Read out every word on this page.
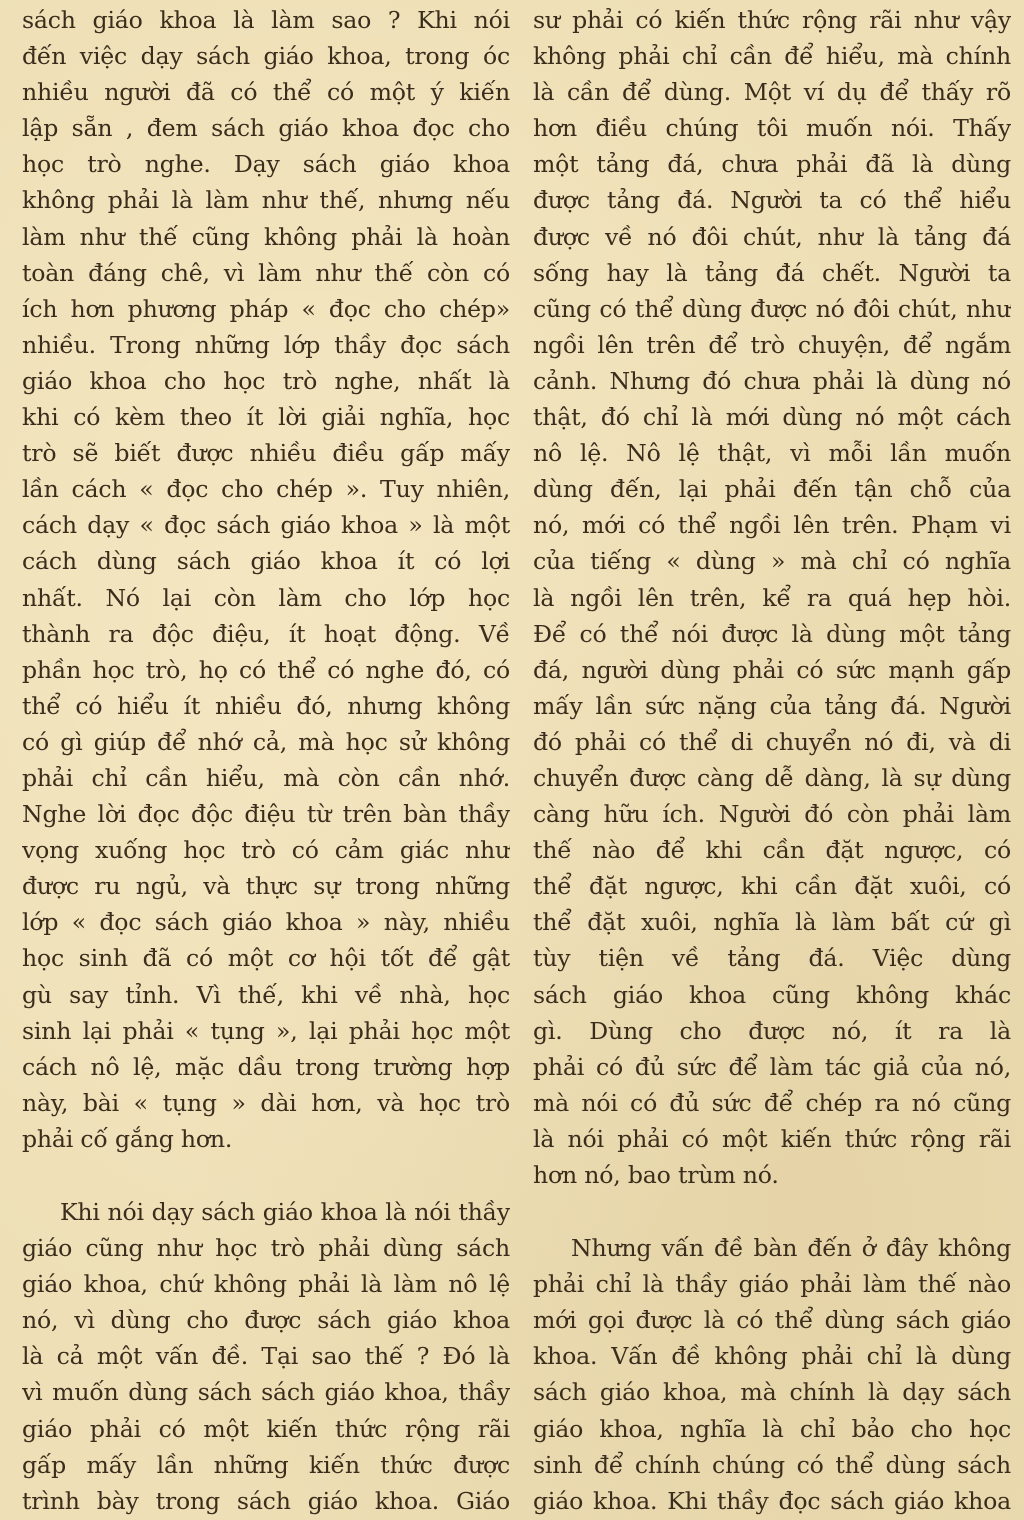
sách giáo khoa là làm sao ? Khi nói
đến việc dạy sách giáo khoa, trong óc
nhiều người đã có thể có một ý kiến
lập sẵn , đem sách giáo khoa đọc cho
học trò nghe. Dạy sách giáo khoa
không phải là làm như thế, nhưng nếu
làm như thế cũng không phải là hoàn
toàn đáng chê, vì làm như thế còn có
ích hơn phương pháp « đọc cho chép»
nhiều. Trong những lớp thầy đọc sách
giáo khoa cho học trò nghe, nhất là
khi có kèm theo ít lời giải nghĩa, học
trò sẽ biết được nhiều điều gấp mấy
lần cách « đọc cho chép ». Tuy nhiên,
cách dạy « đọc sách giáo khoa » là một
cách dùng sách giáo khoa ít có lợi
nhất. Nó lại còn làm cho lớp học
thành ra độc điệu, ít hoạt động. Về
phần học trò, họ có thể có nghe đó, có
thể có hiểu ít nhiều đó, nhưng không
có gì giúp để nhớ cả, mà học sử không
phải chỉ cần hiểu, mà còn cần nhớ.
Nghe lời đọc độc điệu từ trên bàn thầy
vọng xuống học trò có cảm giác như
được ru ngủ, và thực sự trong những
lớp « đọc sách giáo khoa » này, nhiều
học sinh đã có một cơ hội tốt để gật
gù say tỉnh. Vì thế, khi về nhà, học
sinh lại phải « tụng », lại phải học một
cách nô lệ, mặc dầu trong trường hợp
này, bài « tụng » dài hơn, và học trò
phải cố gắng hơn.
Khi nói dạy sách giáo khoa là nói thầy
giáo cũng như học trò phải dùng sách
giáo khoa, chứ không phải là làm nô lệ
nó, vì dùng cho được sách giáo khoa
là cả một vấn đề. Tại sao thế ? Đó là
vì muốn dùng sách sách giáo khoa, thầy
giáo phải có một kiến thức rộng rãi
gấp mấy lần những kiến thức được
trình bày trong sách giáo khoa. Giáo
sư phải có kiến thức rộng rãi như vậy
không phải chỉ cần để hiểu, mà chính
là cần để dùng. Một ví dụ để thấy rõ
hơn điều chúng tôi muốn nói. Thấy
một tảng đá, chưa phải đã là dùng
được tảng đá. Người ta có thể hiểu
được về nó đôi chút, như là tảng đá
sống hay là tảng đá chết. Người ta
cũng có thể dùng được nó đôi chút, như
ngồi lên trên để trò chuyện, để ngắm
cảnh. Nhưng đó chưa phải là dùng nó
thật, đó chỉ là mới dùng nó một cách
nô lệ. Nô lệ thật, vì mỗi lần muốn
dùng đến, lại phải đến tận chỗ của
nó, mới có thể ngồi lên trên. Phạm vi
của tiếng « dùng » mà chỉ có nghĩa
là ngồi lên trên, kể ra quá hẹp hòi.
Để có thể nói được là dùng một tảng
đá, người dùng phải có sức mạnh gấp
mấy lần sức nặng của tảng đá. Người
đó phải có thể di chuyển nó đi, và di
chuyển được càng dễ dàng, là sự dùng
càng hữu ích. Người đó còn phải làm
thế nào để khi cần đặt ngược, có
thể đặt ngược, khi cần đặt xuôi, có
thể đặt xuôi, nghĩa là làm bất cứ gì
tùy tiện về tảng đá. Việc dùng
sách giáo khoa cũng không khác
gì. Dùng cho được nó, ít ra là
phải có đủ sức để làm tác giả của nó,
mà nói có đủ sức để chép ra nó cũng
là nói phải có một kiến thức rộng rãi
hơn nó, bao trùm nó.
Nhưng vấn đề bàn đến ở đây không
phải chỉ là thầy giáo phải làm thế nào
mới gọi được là có thể dùng sách giáo
khoa. Vấn đề không phải chỉ là dùng
sách giáo khoa, mà chính là dạy sách
giáo khoa, nghĩa là chỉ bảo cho học
sinh để chính chúng có thể dùng sách
giáo khoa. Khi thầy đọc sách giáo khoa
